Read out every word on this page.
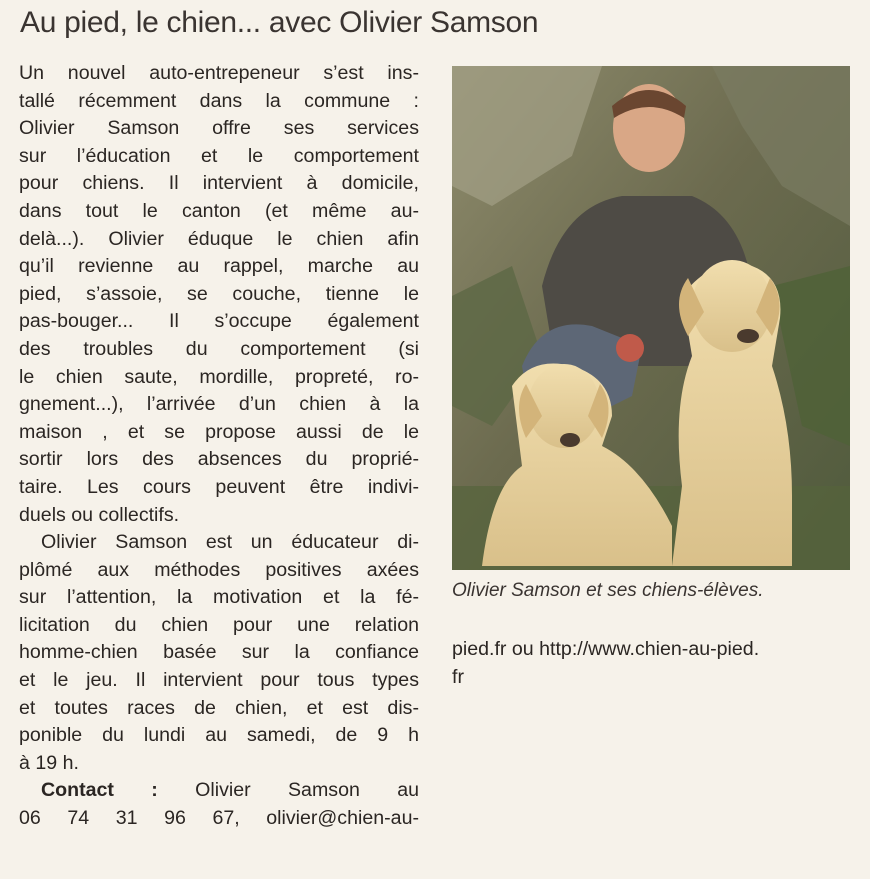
Au pied, le chien... avec Olivier Samson

Un nouvel auto-entrepeneur s’est ins-
tallé récemment dans la commune :
Olivier Samson offre ses services
sur l’éducation et le comportement
pour chiens. Il intervient à domicile,
dans tout le canton (et même au-
delà...). Olivier éduque le chien afin
qu’il revienne au rappel, marche au
pied, s’assoie, se couche, tienne le
pas-bouger... Il s’occupe également
des troubles du comportement (si
le chien saute, mordille, propreté, ro-
gnement...), l’arrivée d’un chien à la
maison , et se propose aussi de le
sortir lors des absences du proprié-
taire. Les cours peuvent être indivi-
duels ou collectifs.

Olivier Samson est un éducateur di-
plômé aux méthodes positives axées
sur l’attention, la motivation et la fé-
licitation du chien pour une relation
homme-chien basée sur la confiance
et le jeu. Il intervient pour tous types
et toutes races de chien, et est dis-
ponible du lundi au samedi, de 9 h
à 19 h.

Contact : Olivier Samson au
06 74 31 96 67, olivier@chien-au-

Olivier Samson et ses chiens-élèves.
pied.fr ou http://www.chien-au-pied.
fr
